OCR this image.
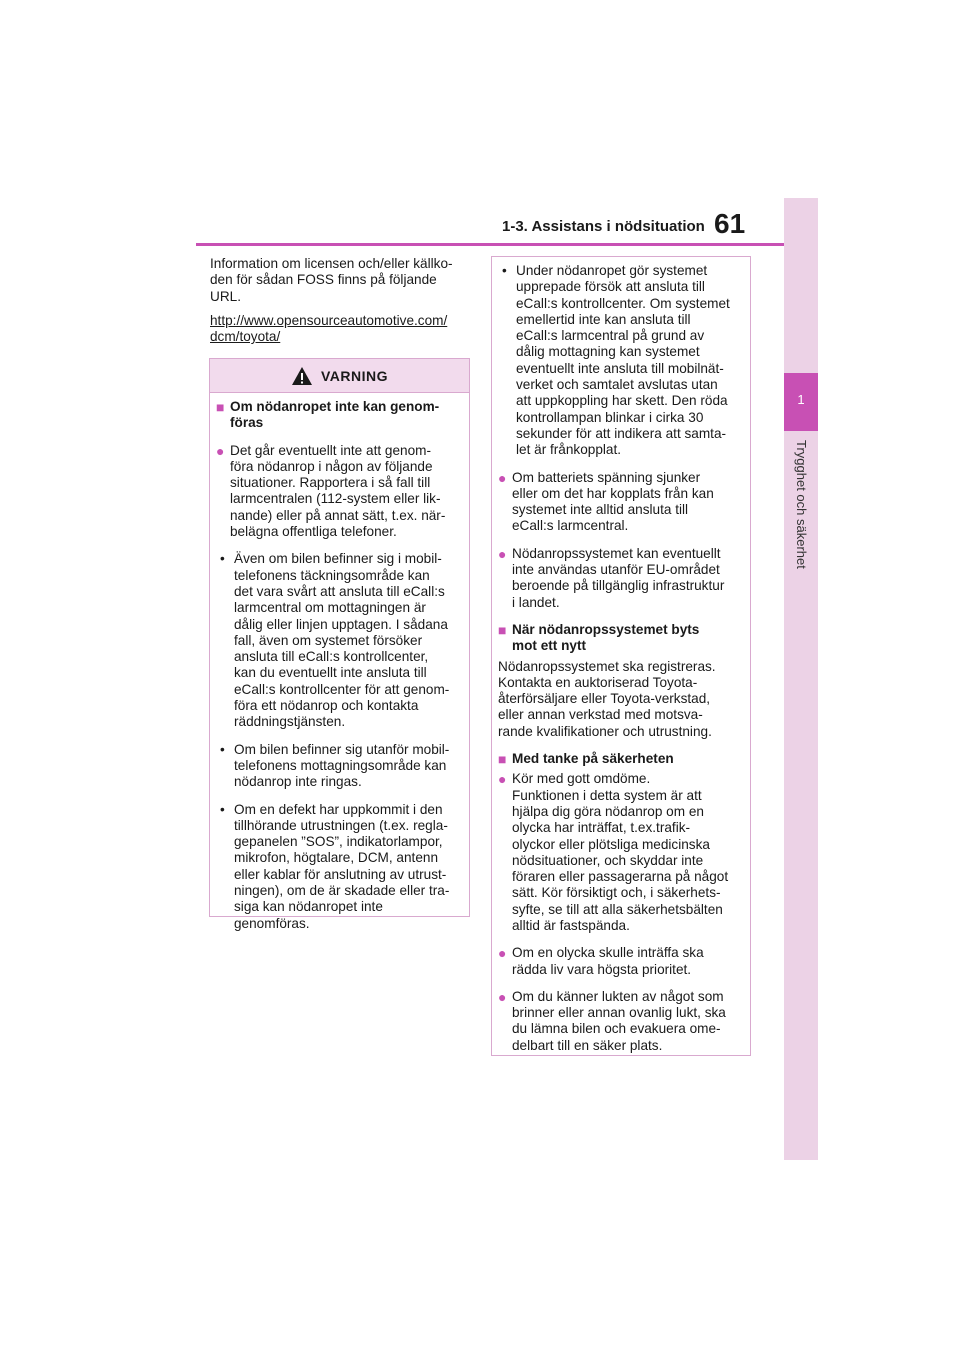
1-3. Assistans i nödsituation 61
1
Trygghet och säkerhet

Information om licensen och/eller källko-

den för sådan FOSS finns på följande

URL.

http://www.opensourceautomotive.com/

dcm/toyota/

VARNING
■ Om nödanropet inte kan genom-
föras
● Det går eventuellt inte att genom-
föra nödanrop i någon av följande
situationer. Rapportera i så fall till
larmcentralen (112-system eller lik-
nande) eller på annat sätt, t.ex. när-
belägna offentliga telefoner.
• Även om bilen befinner sig i mobil-
telefonens täckningsområde kan
det vara svårt att ansluta till eCall:s
larmcentral om mottagningen är
dålig eller linjen upptagen. I sådana
fall, även om systemet försöker
ansluta till eCall:s kontrollcenter,
kan du eventuellt inte ansluta till
eCall:s kontrollcenter för att genom-
föra ett nödanrop och kontakta
räddningstjänsten.
• Om bilen befinner sig utanför mobil-
telefonens mottagningsområde kan
nödanrop inte ringas.
• Om en defekt har uppkommit i den
tillhörande utrustningen (t.ex. regla-
gepanelen ”SOS”, indikatorlampor,
mikrofon, högtalare, DCM, antenn
eller kablar för anslutning av utrust-
ningen), om de är skadade eller tra-
siga kan nödanropet inte
genomföras.
• Under nödanropet gör systemet
upprepade försök att ansluta till
eCall:s kontrollcenter. Om systemet
emellertid inte kan ansluta till
eCall:s larmcentral på grund av
dålig mottagning kan systemet
eventuellt inte ansluta till mobilnät-
verket och samtalet avslutas utan
att uppkoppling har skett. Den röda
kontrollampan blinkar i cirka 30
sekunder för att indikera att samta-
let är frånkopplat.
● Om batteriets spänning sjunker
eller om det har kopplats från kan
systemet inte alltid ansluta till
eCall:s larmcentral.
● Nödanropssystemet kan eventuellt
inte användas utanför EU-området
beroende på tillgänglig infrastruktur
i landet.
■ När nödanropssystemet byts
mot ett nytt
Nödanropssystemet ska registreras.
Kontakta en auktoriserad Toyota-
återförsäljare eller Toyota-verkstad,
eller annan verkstad med motsva-
rande kvalifikationer och utrustning.
■ Med tanke på säkerheten
● Kör med gott omdöme.
Funktionen i detta system är att
hjälpa dig göra nödanrop om en
olycka har inträffat, t.ex.trafik-
olyckor eller plötsliga medicinska
nödsituationer, och skyddar inte
föraren eller passagerarna på något
sätt. Kör försiktigt och, i säkerhets-
syfte, se till att alla säkerhetsbälten
alltid är fastspända.
● Om en olycka skulle inträffa ska
rädda liv vara högsta prioritet.
● Om du känner lukten av något som
brinner eller annan ovanlig lukt, ska
du lämna bilen och evakuera ome-
delbart till en säker plats.
